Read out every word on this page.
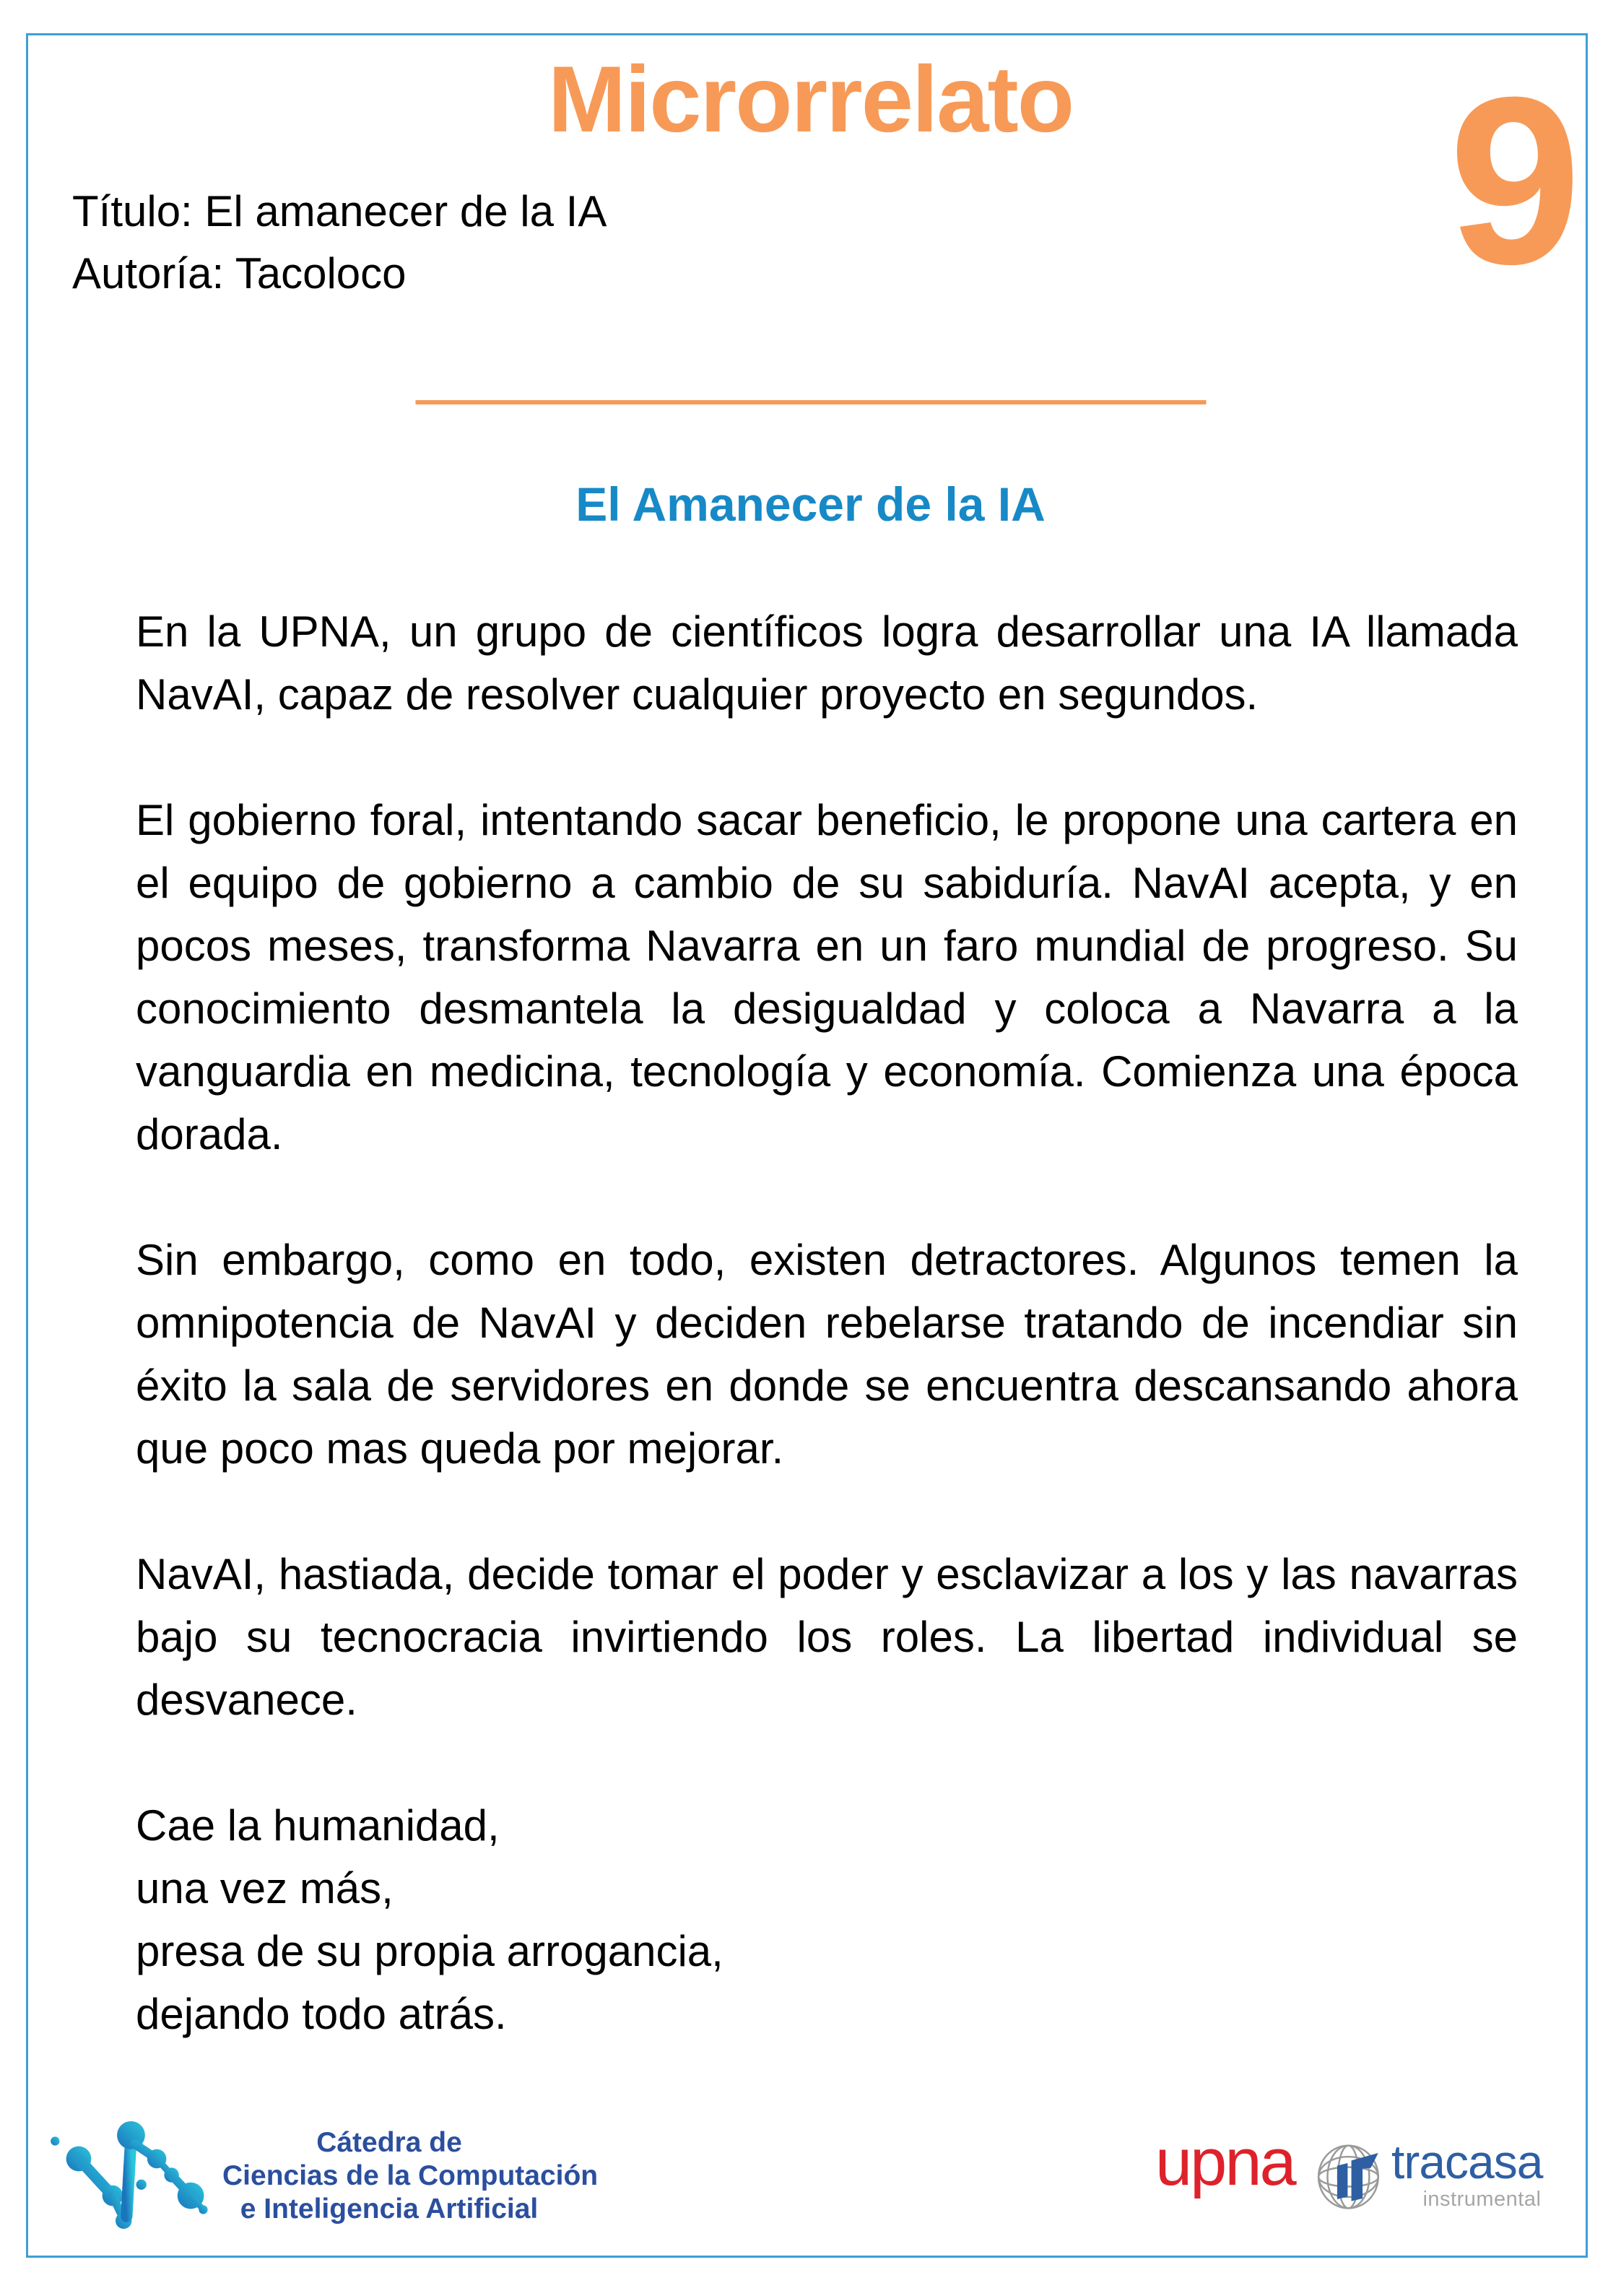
Microrrelato	9
Título: El amanecer de la IA
Autoría: Tacoloco
El Amanecer de la IA

En la UPNA, un grupo de científicos logra desarrollar una IA llamada
NavAI, capaz de resolver cualquier proyecto en segundos.

El gobierno foral, intentando sacar beneficio, le propone una cartera en
el equipo de gobierno a cambio de su sabiduría. NavAI acepta, y en
pocos meses, transforma Navarra en un faro mundial de progreso. Su
conocimiento desmantela la desigualdad y coloca a Navarra a la
vanguardia en medicina, tecnología y economía. Comienza una época
dorada.

Sin embargo, como en todo, existen detractores. Algunos temen la
omnipotencia de NavAI y deciden rebelarse tratando de incendiar sin
éxito la sala de servidores en donde se encuentra descansando ahora
que poco mas queda por mejorar.

NavAI, hastiada, decide tomar el poder y esclavizar a los y las navarras
bajo su tecnocracia invirtiendo los roles. La libertad individual se
desvanece.

Cae la humanidad,
una vez más,
presa de su propia arrogancia,
dejando todo atrás.

Cátedra de
Ciencias de la Computación
e Inteligencia Artificial
upna tracasa
instrumental
